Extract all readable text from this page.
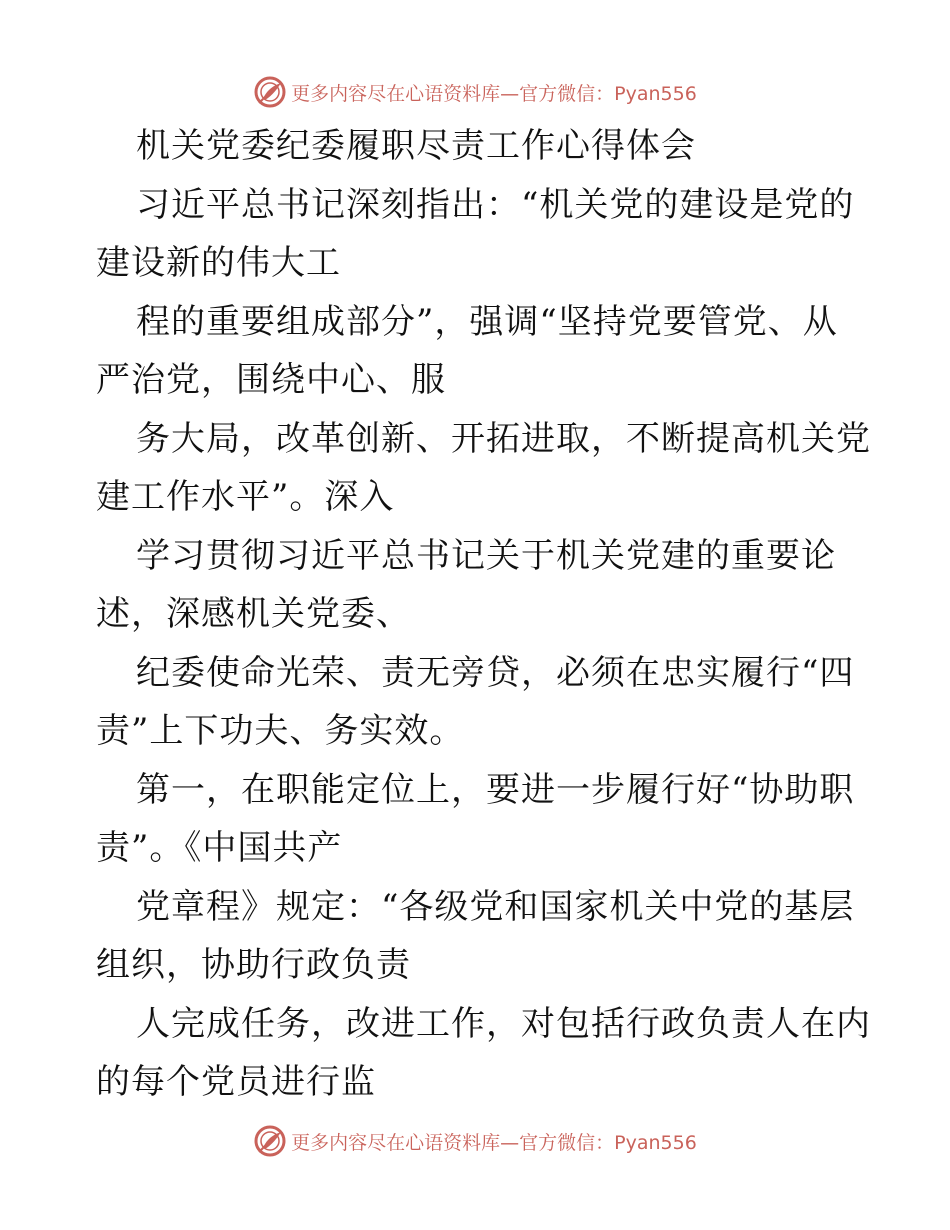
更多内容尽在心语资料库—官方微信：Pyan556
机关党委纪委履职尽责工作心得体会
习近平总书记深刻指出：“机关党的建设是党的
建设新的伟大工
程的重要组成部分”，强调“坚持党要管党、从
严治党，围绕中心、服
务大局，改革创新、开拓进取，不断提高机关党
建工作水平”。深入
学习贯彻习近平总书记关于机关党建的重要论
述，深感机关党委、
纪委使命光荣、责无旁贷，必须在忠实履行“四
责”上下功夫、务实效。
第一，在职能定位上，要进一步履行好“协助职
责”。《中国共产
党章程》规定：“各级党和国家机关中党的基层
组织，协助行政负责
人完成任务，改进工作，对包括行政负责人在内
的每个党员进行监
更多内容尽在心语资料库—官方微信：Pyan556
